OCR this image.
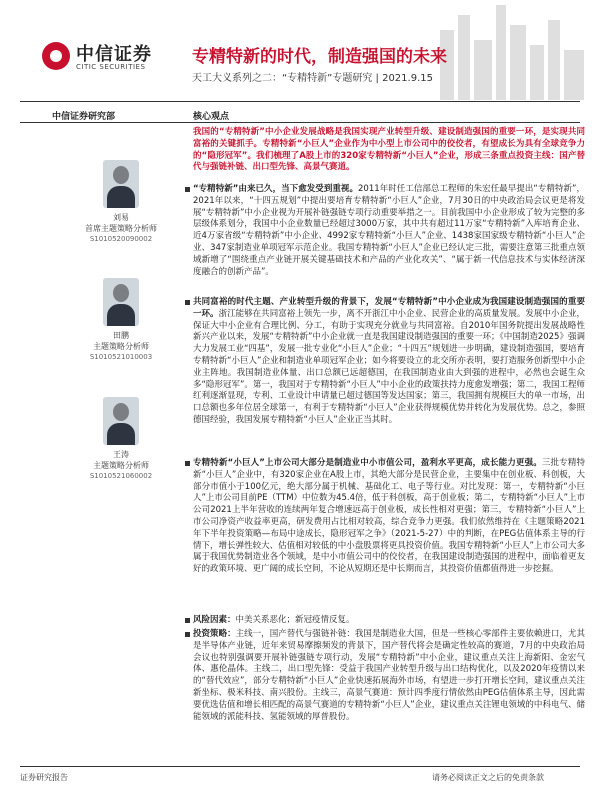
中信证券
CITIC SECURITIES	专精特新的时代，制造强国的未来
天工大义系列之二：“专精特新”专题研究 | 2021.9.15
中信证券研究部	核心观点
刘易
首席主题策略分析师
S1010520090002
田鹏
主题策略分析师
S1010521010003
王涛
主题策略分析师
S1010521060002

我国的“专精特新”中小企业发展战略是我国实现产业转型升级、建设制造强国的重要一环，是实现共同富裕的关键抓手。专精特新“小巨人”企业作为中小型上市公司中的佼佼者，有望成长为具有全球竞争力的“隐形冠军”。我们梳理了A股上市的320家专精特新“小巨人”企业，形成三条重点投资主线：国产替代与强链补链、出口型先锋、高景气赛道。

“专精特新”由来已久，当下愈发受到重视。2011年时任工信部总工程师的朱宏任最早提出“专精特新”，2021年以来，“十四五规划”中提出要培育专精特新“小巨人”企业，7月30日的中央政治局会议更是将发展“专精特新”中小企业视为开展补链强链专项行动重要举措之一。目前我国中小企业形成了较为完整的多层级体系划分，我国中小企业数量已经超过3000万家，其中共有超过11万家“专精特新”入库培育企业、近4万家省级“专精特新”中小企业、4992家专精特新“小巨人”企业、1438家国家级专精特新“小巨人”企业、347家制造业单项冠军示范企业。我国专精特新“小巨人”企业已经认定三批，需要注意第三批重点领域新增了“围绕重点产业链开展关键基础技术和产品的产业化攻关”、“属于新一代信息技术与实体经济深度融合的创新产品”。

共同富裕的时代主题、产业转型升级的背景下，发展“专精特新”中小企业成为我国建设制造强国的重要一环。浙江能够在共同富裕上领先一步，离不开浙江中小企业、民营企业的高质量发展。发展中小企业，保证大中小企业有合理比例、分工，有助于实现充分就业与共同富裕。自2010年国务院提出发展战略性新兴产业以来，发展“专精特新”中小企业就一直是我国建设制造强国的重要一环；《中国制造2025》强调大力发展工业“四基”，发展一批专业化“小巨人”企业；“十四五”规划进一步明确，建设制造强国，要培育专精特新“小巨人”企业和制造业单项冠军企业；如今将要设立的北交所亦表明，要打造服务创新型中小企业主阵地。我国制造业体量、出口总额已远超德国，在我国制造业由大到强的进程中，必然也会诞生众多“隐形冠军”。第一，我国对于专精特新“小巨人”中小企业的政策扶持力度愈发增强；第二，我国工程师红利逐渐显现，专利、工业设计申请量已超过德国等发达国家；第三，我国拥有规模巨大的单一市场，出口总额也多年位居全球第一，有利于专精特新“小巨人”企业获得规模优势并转化为发展优势。总之，参照德国经验，我国发展专精特新“小巨人”企业正当其时。

专精特新“小巨人”上市公司大部分是制造业中小市值公司，盈利水平更高，成长能力更强。三批专精特新“小巨人”企业中，有320家企业在A股上市，其绝大部分是民营企业，主要集中在创业板、科创板，大部分市值小于100亿元，绝大部分属于机械、基础化工、电子等行业。对比发现：第一，专精特新“小巨人”上市公司目前PE（TTM）中位数为45.4倍，低于科创板，高于创业板；第二，专精特新“小巨人”上市公司2021上半年营收的连续两年复合增速远高于创业板，成长性相对更强；第三，专精特新“小巨人”上市公司净资产收益率更高，研发费用占比相对较高，综合竞争力更强。我们依然维持在《主题策略2021年下半年投资策略—布局中途成长，隐形冠军之争》（2021-5-27）中的判断，在PEG估值体系主导的行情下，增长弹性较大、估值相对较低的中小盘股票将更具投资价值。我国专精特新“小巨人”上市公司大多属于我国优势制造业各个领域，是中小市值公司中的佼佼者，在我国建设制造强国的进程中，面临着更友好的政策环境、更广阔的成长空间，不论从短期还是中长期而言，其投资价值都值得进一步挖掘。

风险因素：中美关系恶化；新冠疫情反复。

投资策略：主线一，国产替代与强链补链：我国是制造业大国，但是一些核心零部件主要依赖进口，尤其是半导体产业链，近年来贸易摩擦频发的背景下，国产替代将会是确定性较高的赛道，7月的中央政治局会议也特别强调要开展补链强链专项行动，发展“专精特新”中小企业，建议重点关注上海新阳、金宏气体、惠伦晶体。主线二，出口型先锋：受益于我国产业转型升级与出口结构优化，以及2020年疫情以来的“替代效应”，部分专精特新“小巨人”企业快速拓展海外市场，有望进一步打开增长空间，建议重点关注新坐标、极米科技、南兴股份。主线三，高景气赛道：预计四季度行情依然由PEG估值体系主导，因此需要优选估值和增长相匹配的高景气赛道的专精特新“小巨人”企业，建议重点关注锂电领域的中科电气、储能领域的派能科技、氢能领域的厚普股份。

证券研究报告	请务必阅读正文之后的免责条款
